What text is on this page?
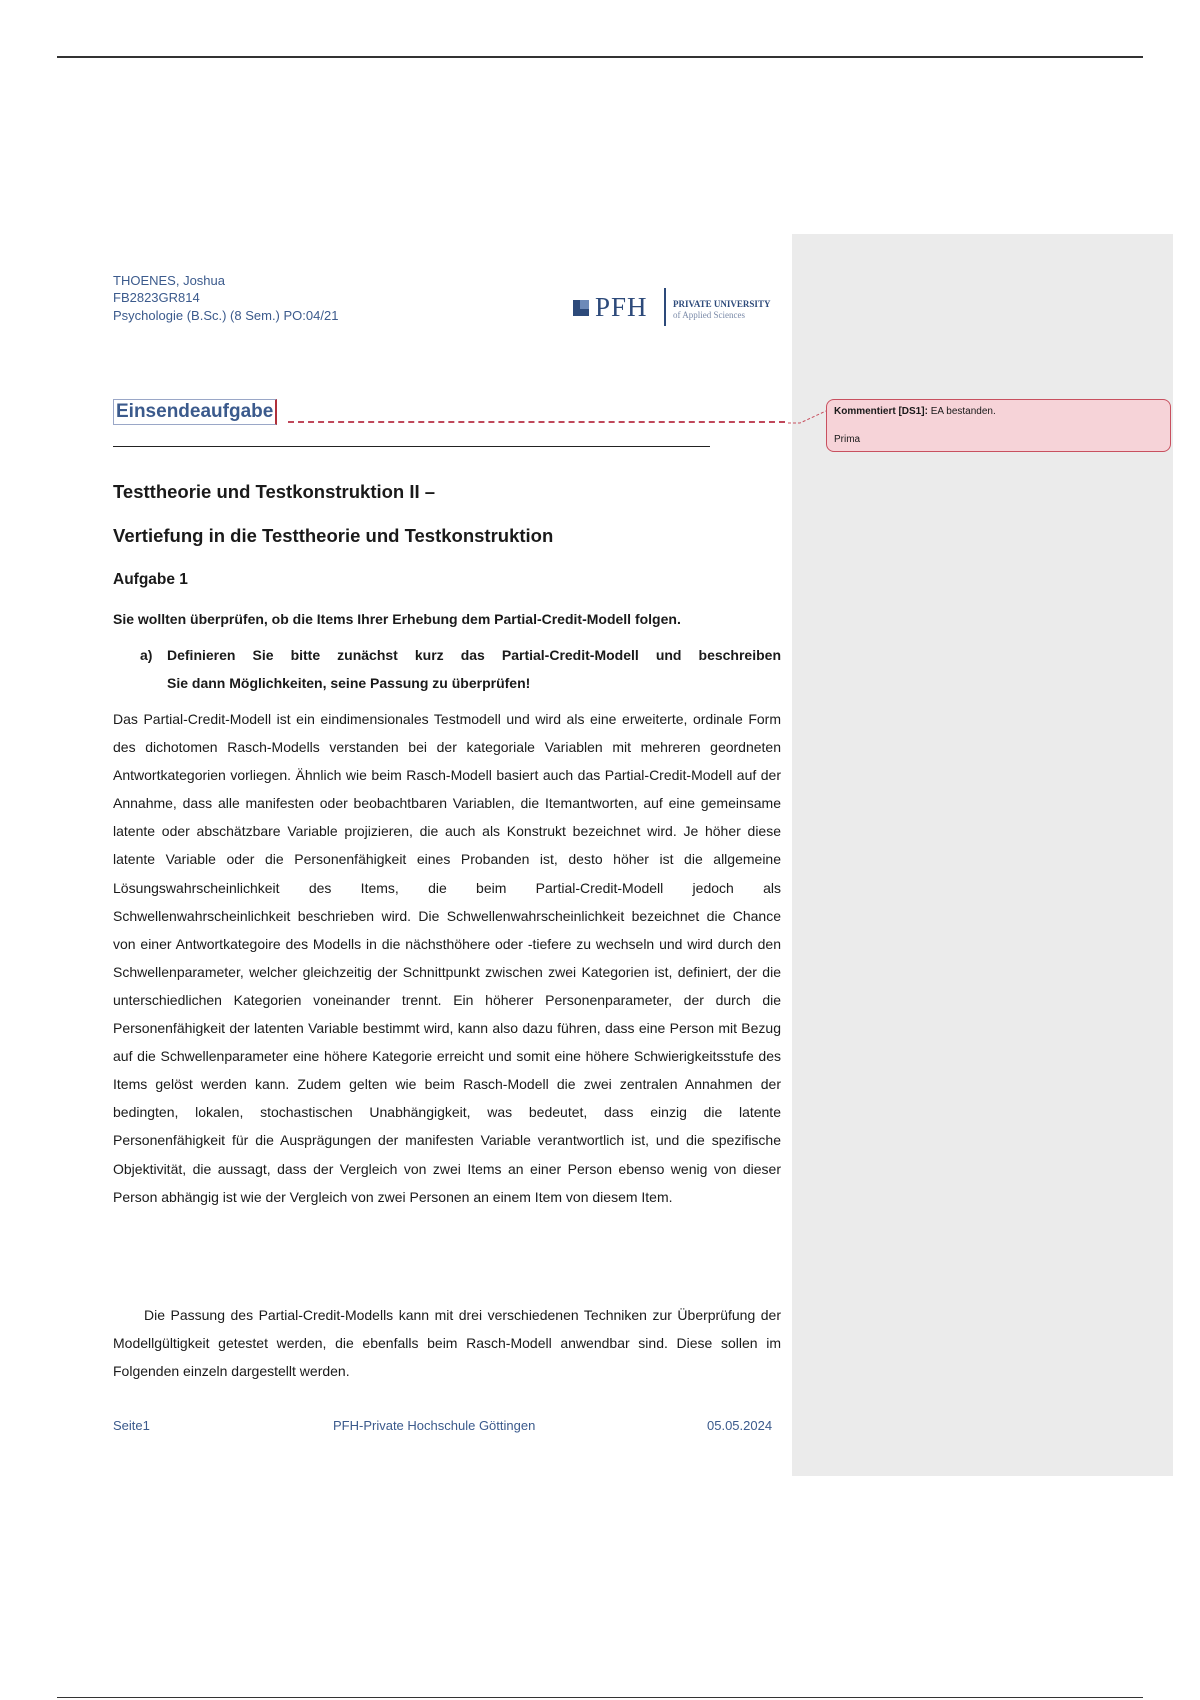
THOENES, Joshua
FB2823GR814
Psychologie (B.Sc.) (8 Sem.) PO:04/21	PFH	PRIVATE UNIVERSITY
of Applied Sciences
Einsendeaufgabe
Testtheorie und Testkonstruktion II –
Vertiefung in die Testtheorie und Testkonstruktion
Aufgabe 1
Sie wollten überprüfen, ob die Items Ihrer Erhebung dem Partial-Credit-Modell folgen.
a) Definieren Sie bitte zunächst kurz das Partial-Credit-Modell und beschreiben
Sie dann Möglichkeiten, seine Passung zu überprüfen!
Das Partial-Credit-Modell ist ein eindimensionales Testmodell und wird als eine erweiterte, ordinale Form des dichotomen Rasch-Modells verstanden bei der kategoriale Variablen mit mehreren geordneten Antwortkategorien vorliegen. Ähnlich wie beim Rasch-Modell basiert auch das Partial-Credit-Modell auf der Annahme, dass alle manifesten oder beobachtbaren Variablen, die Itemantworten, auf eine gemeinsame latente oder abschätzbare Variable projizieren, die auch als Konstrukt bezeichnet wird. Je höher diese latente Variable oder die Personenfähigkeit eines Probanden ist, desto höher ist die allgemeine Lösungswahrscheinlichkeit des Items, die beim Partial-Credit-Modell jedoch als Schwellenwahrscheinlichkeit beschrieben wird. Die Schwellenwahrscheinlichkeit bezeichnet die Chance von einer Antwortkategoire des Modells in die nächsthöhere oder -tiefere zu wechseln und wird durch den Schwellenparameter, welcher gleichzeitig der Schnittpunkt zwischen zwei Kategorien ist, definiert, der die unterschiedlichen Kategorien voneinander trennt. Ein höherer Personenparameter, der durch die Personenfähigkeit der latenten Variable bestimmt wird, kann also dazu führen, dass eine Person mit Bezug auf die Schwellenparameter eine höhere Kategorie erreicht und somit eine höhere Schwierigkeitsstufe des Items gelöst werden kann. Zudem gelten wie beim Rasch-Modell die zwei zentralen Annahmen der bedingten, lokalen, stochastischen Unabhängigkeit, was bedeutet, dass einzig die latente Personenfähigkeit für die Ausprägungen der manifesten Variable verantwortlich ist, und die spezifische Objektivität, die aussagt, dass der Vergleich von zwei Items an einer Person ebenso wenig von dieser Person abhängig ist wie der Vergleich von zwei Personen an einem Item von diesem Item.
Die Passung des Partial-Credit-Modells kann mit drei verschiedenen Techniken zur Überprüfung der Modellgültigkeit getestet werden, die ebenfalls beim Rasch-Modell anwendbar sind. Diese sollen im Folgenden einzeln dargestellt werden.
Seite1	PFH-Private Hochschule Göttingen	05.05.2024
Kommentiert [DS1]: EA bestanden.
Prima
